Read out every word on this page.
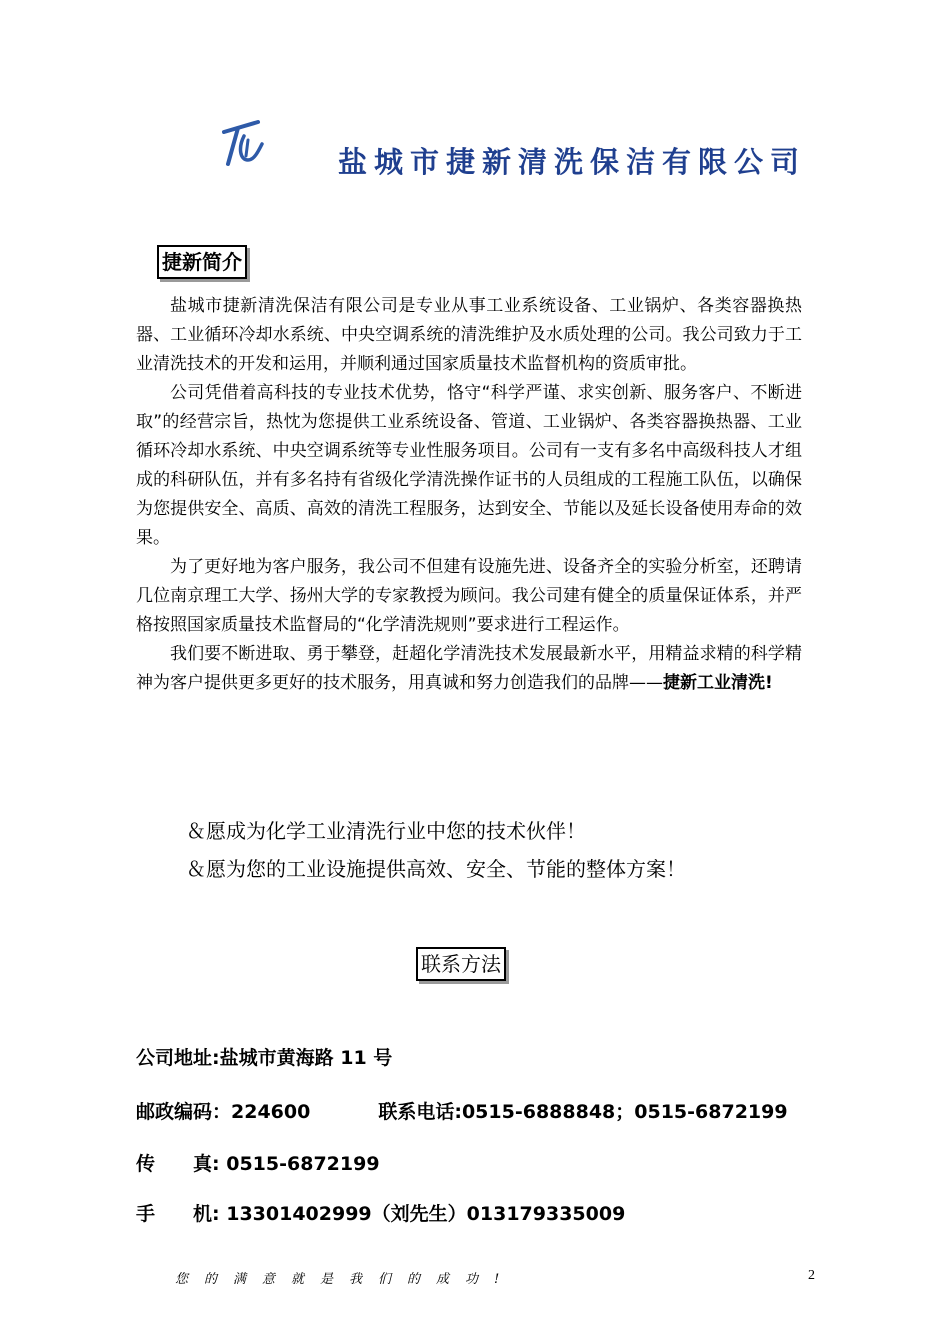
盐城市捷新清洗保洁有限公司
捷新简介

盐城市捷新清洗保洁有限公司是专业从事工业系统设备、工业锅炉、各类容器换热器、工业循环冷却水系统、中央空调系统的清洗维护及水质处理的公司。我公司致力于工业清洗技术的开发和运用，并顺利通过国家质量技术监督机构的资质审批。

公司凭借着高科技的专业技术优势，恪守“科学严谨、求实创新、服务客户、不断进取”的经营宗旨，热忱为您提供工业系统设备、管道、工业锅炉、各类容器换热器、工业循环冷却水系统、中央空调系统等专业性服务项目。公司有一支有多名中高级科技人才组成的科研队伍，并有多名持有省级化学清洗操作证书的人员组成的工程施工队伍，以确保为您提供安全、高质、高效的清洗工程服务，达到安全、节能以及延长设备使用寿命的效果。

为了更好地为客户服务，我公司不但建有设施先进、设备齐全的实验分析室，还聘请几位南京理工大学、扬州大学的专家教授为顾问。我公司建有健全的质量保证体系，并严格按照国家质量技术监督局的“化学清洗规则”要求进行工程运作。

我们要不断进取、勇于攀登，赶超化学清洗技术发展最新水平，用精益求精的科学精神为客户提供更多更好的技术服务，用真诚和努力创造我们的品牌——捷新工业清洗!

＆愿成为化学工业清洗行业中您的技术伙伴！
＆愿为您的工业设施提供高效、安全、节能的整体方案！
联系方法
公司地址:盐城市黄海路 11 号
邮政编码：224600	联系电话:0515-6888848；0515-6872199
传　　真: 0515-6872199
手　　机: 13301402999（刘先生）013179335009
您的满意就是我们的成功!	2
